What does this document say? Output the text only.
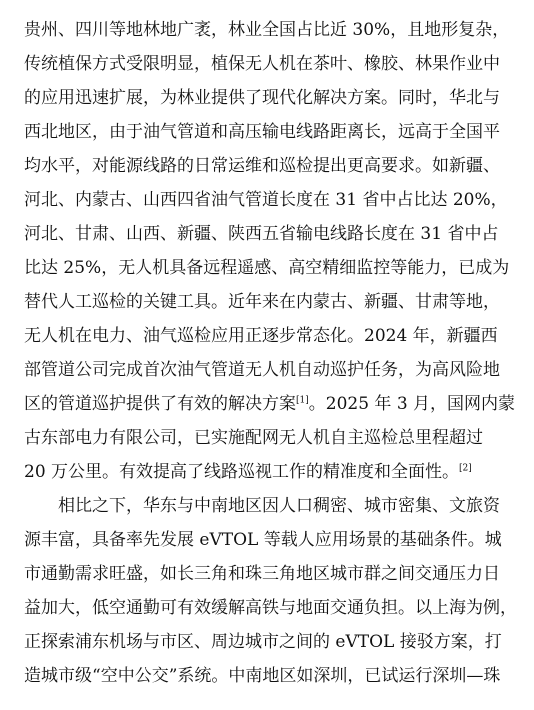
贵州、四川等地林地广袤，林业全国占比近 30%，且地形复杂，
传统植保方式受限明显，植保无人机在茶叶、橡胶、林果作业中
的应用迅速扩展，为林业提供了现代化解决方案。同时，华北与
西北地区，由于油气管道和高压输电线路距离长，远高于全国平
均水平，对能源线路的日常运维和巡检提出更高要求。如新疆、
河北、内蒙古、山西四省油气管道长度在 31 省中占比达 20%，
河北、甘肃、山西、新疆、陕西五省输电线路长度在 31 省中占
比达 25%，无人机具备远程遥感、高空精细监控等能力，已成为
替代人工巡检的关键工具。近年来在内蒙古、新疆、甘肃等地，
无人机在电力、油气巡检应用正逐步常态化。2024 年，新疆西
部管道公司完成首次油气管道无人机自动巡护任务，为高风险地
区的管道巡护提供了有效的解决方案[1]。2025 年 3 月，国网内蒙
古东部电力有限公司，已实施配网无人机自主巡检总里程超过
20 万公里。有效提高了线路巡视工作的精准度和全面性。[2]
相比之下，华东与中南地区因人口稠密、城市密集、文旅资
源丰富，具备率先发展 eVTOL 等载人应用场景的基础条件。城
市通勤需求旺盛，如长三角和珠三角地区城市群之间交通压力日
益加大，低空通勤可有效缓解高铁与地面交通负担。以上海为例，
正探索浦东机场与市区、周边城市之间的 eVTOL 接驳方案，打
造城市级“空中公交”系统。中南地区如深圳，已试运行深圳—珠
